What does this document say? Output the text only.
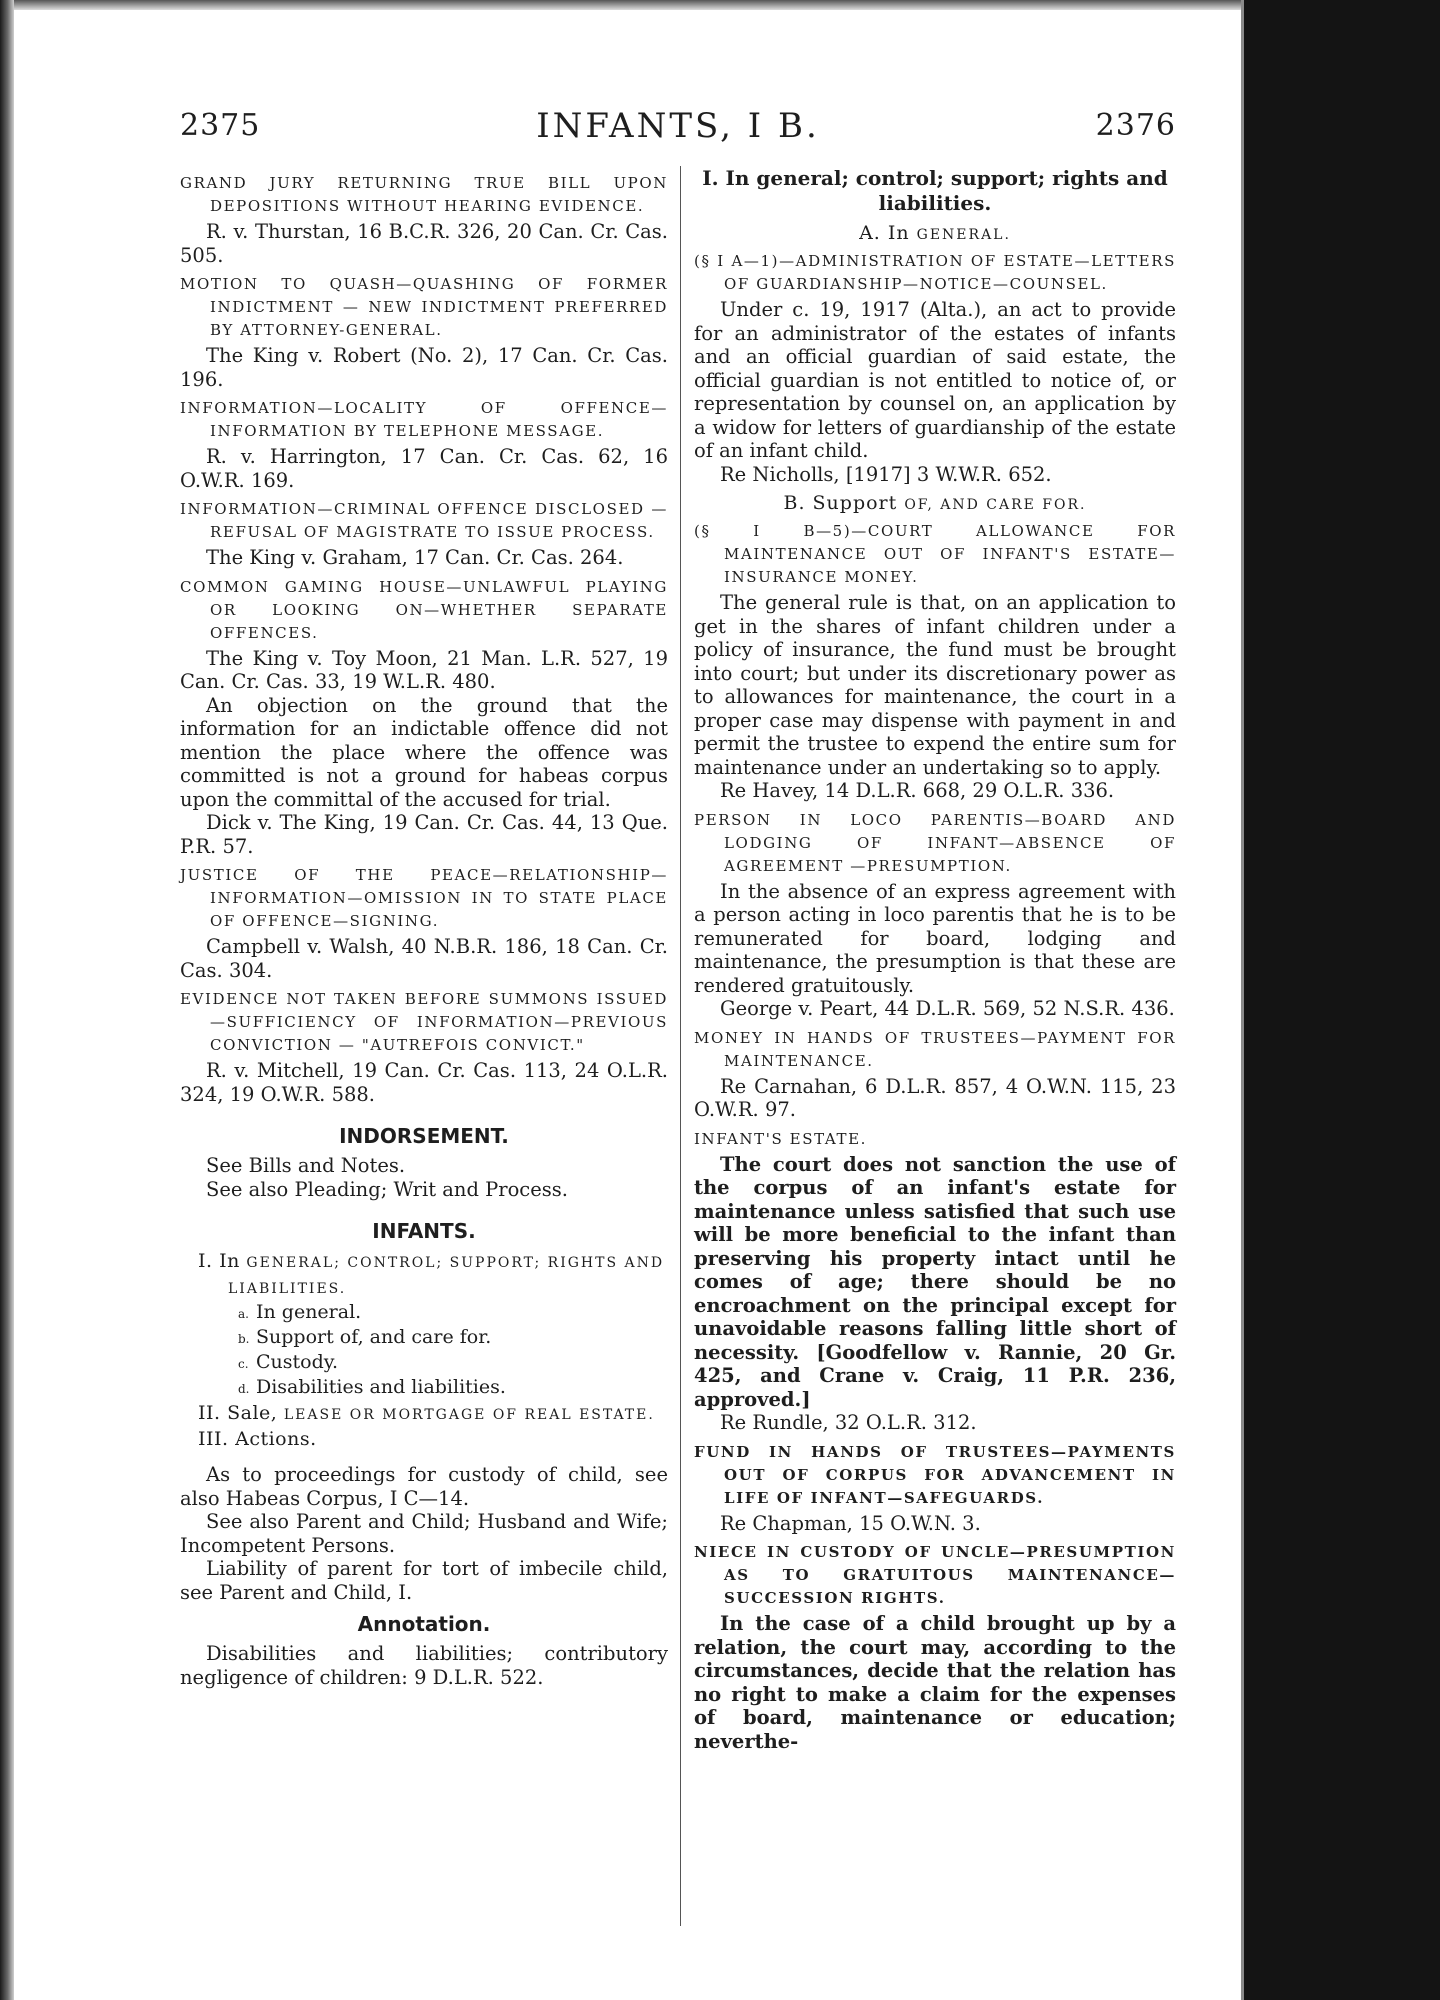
2375	INFANTS, I B.	2376

GRAND JURY RETURNING TRUE BILL UPON DEPOSITIONS WITHOUT HEARING EVIDENCE.

R. v. Thurstan, 16 B.C.R. 326, 20 Can. Cr. Cas. 505.

MOTION TO QUASH—QUASHING OF FORMER INDICTMENT — NEW INDICTMENT PREFERRED BY ATTORNEY-GENERAL.

The King v. Robert (No. 2), 17 Can. Cr. Cas. 196.

INFORMATION—LOCALITY OF OFFENCE—INFORMATION BY TELEPHONE MESSAGE.

R. v. Harrington, 17 Can. Cr. Cas. 62, 16 O.W.R. 169.

INFORMATION—CRIMINAL OFFENCE DISCLOSED —REFUSAL OF MAGISTRATE TO ISSUE PROCESS.

The King v. Graham, 17 Can. Cr. Cas. 264.

COMMON GAMING HOUSE—UNLAWFUL PLAYING OR LOOKING ON—WHETHER SEPARATE OFFENCES.

The King v. Toy Moon, 21 Man. L.R. 527, 19 Can. Cr. Cas. 33, 19 W.L.R. 480.

An objection on the ground that the information for an indictable offence did not mention the place where the offence was committed is not a ground for habeas corpus upon the committal of the accused for trial.

Dick v. The King, 19 Can. Cr. Cas. 44, 13 Que. P.R. 57.

JUSTICE OF THE PEACE—RELATIONSHIP—INFORMATION—OMISSION IN TO STATE PLACE OF OFFENCE—SIGNING.

Campbell v. Walsh, 40 N.B.R. 186, 18 Can. Cr. Cas. 304.

EVIDENCE NOT TAKEN BEFORE SUMMONS ISSUED—SUFFICIENCY OF INFORMATION—PREVIOUS CONVICTION — "AUTREFOIS CONVICT."

R. v. Mitchell, 19 Can. Cr. Cas. 113, 24 O.L.R. 324, 19 O.W.R. 588.

INDORSEMENT.

See Bills and Notes.

See also Pleading; Writ and Process.

INFANTS.

I. In GENERAL; CONTROL; SUPPORT; RIGHTS AND LIABILITIES.

a. In general.

b. Support of, and care for.

c. Custody.

d. Disabilities and liabilities.

II. Sale, LEASE OR MORTGAGE OF REAL ESTATE.

III. Actions.

As to proceedings for custody of child, see also Habeas Corpus, I C—14.

See also Parent and Child; Husband and Wife; Incompetent Persons.

Liability of parent for tort of imbecile child, see Parent and Child, I.

Annotation.

Disabilities and liabilities; contributory negligence of children: 9 D.L.R. 522.

I. In general; control; support; rights and
liabilities.
A. In GENERAL.

(§ I A—1)—ADMINISTRATION OF ESTATE—LETTERS OF GUARDIANSHIP—NOTICE—COUNSEL.

Under c. 19, 1917 (Alta.), an act to provide for an administrator of the estates of infants and an official guardian of said estate, the official guardian is not entitled to notice of, or representation by counsel on, an application by a widow for letters of guardianship of the estate of an infant child.

Re Nicholls, [1917] 3 W.W.R. 652.

B. Support OF, AND CARE FOR.

(§ I B—5)—COURT ALLOWANCE FOR MAINTENANCE OUT OF INFANT'S ESTATE—INSURANCE MONEY.

The general rule is that, on an application to get in the shares of infant children under a policy of insurance, the fund must be brought into court; but under its discretionary power as to allowances for maintenance, the court in a proper case may dispense with payment in and permit the trustee to expend the entire sum for maintenance under an undertaking so to apply.

Re Havey, 14 D.L.R. 668, 29 O.L.R. 336.

PERSON IN LOCO PARENTIS—BOARD AND LODGING OF INFANT—ABSENCE OF AGREEMENT —PRESUMPTION.

In the absence of an express agreement with a person acting in loco parentis that he is to be remunerated for board, lodging and maintenance, the presumption is that these are rendered gratuitously.

George v. Peart, 44 D.L.R. 569, 52 N.S.R. 436.

MONEY IN HANDS OF TRUSTEES—PAYMENT FOR MAINTENANCE.

Re Carnahan, 6 D.L.R. 857, 4 O.W.N. 115, 23 O.W.R. 97.

INFANT'S ESTATE.

The court does not sanction the use of the corpus of an infant's estate for maintenance unless satisfied that such use will be more beneficial to the infant than preserving his property intact until he comes of age; there should be no encroachment on the principal except for unavoidable reasons falling little short of necessity. [Goodfellow v. Rannie, 20 Gr. 425, and Crane v. Craig, 11 P.R. 236, approved.]

Re Rundle, 32 O.L.R. 312.

FUND IN HANDS OF TRUSTEES—PAYMENTS OUT OF CORPUS FOR ADVANCEMENT IN LIFE OF INFANT—SAFEGUARDS.

Re Chapman, 15 O.W.N. 3.

NIECE IN CUSTODY OF UNCLE—PRESUMPTION AS TO GRATUITOUS MAINTENANCE—SUCCESSION RIGHTS.

In the case of a child brought up by a relation, the court may, according to the circumstances, decide that the relation has no right to make a claim for the expenses of board, maintenance or education; neverthe-
